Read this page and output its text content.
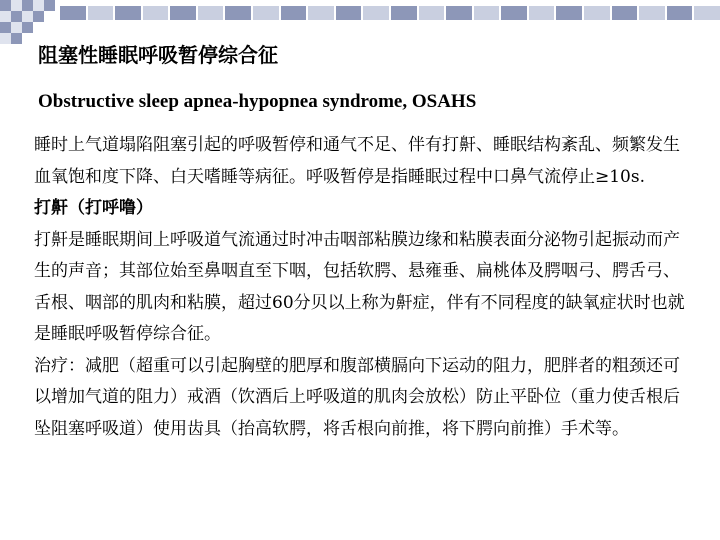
阻塞性睡眠呼吸暂停综合征
Obstructive sleep apnea-hypopnea syndrome, OSAHS

睡时上气道塌陷阻塞引起的呼吸暂停和通气不足、伴有打鼾、睡眠结构紊乱、频繁发生血氧饱和度下降、白天嗜睡等病征。呼吸暂停是指睡眠过程中口鼻气流停止≥10s.

打鼾（打呼噜）

打鼾是睡眠期间上呼吸道气流通过时冲击咽部粘膜边缘和粘膜表面分泌物引起振动而产生的声音；其部位始至鼻咽直至下咽，包括软腭、悬雍垂、扁桃体及腭咽弓、腭舌弓、舌根、咽部的肌肉和粘膜，超过60分贝以上称为鼾症，伴有不同程度的缺氧症状时也就是睡眠呼吸暂停综合征。

治疗：减肥（超重可以引起胸壁的肥厚和腹部横膈向下运动的阻力，肥胖者的粗颈还可以增加气道的阻力）戒酒（饮酒后上呼吸道的肌肉会放松）防止平卧位（重力使舌根后坠阻塞呼吸道）使用齿具（抬高软腭，将舌根向前推，将下腭向前推）手术等。
